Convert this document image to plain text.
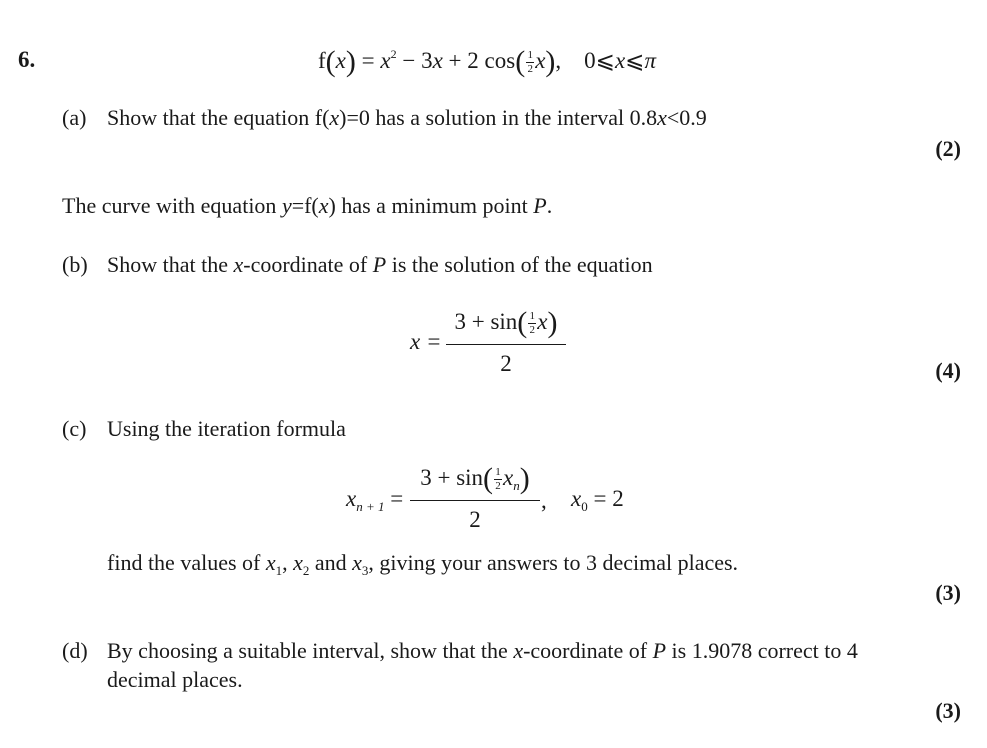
6.	$f(x) = x^2 - 3x + 2$ $\cos( \frac{1}{2} x)$,    0⩽x⩽π
(a) Show that the equation f(x)=0 has a solution in the interval 0.8x<0.9
(2)
The curve with equation y=f(x) has a minimum point P.
(b) Show that the x-coordinate of P is the solution of the equation
x =
$3 + \sin( \frac{1}{2} x)$
2	(4)
(c) Using the iteration formula
$x_{n + 1}$ =
$3 + \sin( \frac{1}{2} x_n)$
2
, $x_0 = 2$
find the values of $x_1$, $x_2$ and $x_3$, giving your answers to 3 decimal places.
(3)
(d) By choosing a suitable interval, show that the x-coordinate of P is 1.9078 correct to 4
decimal places.
(3)
